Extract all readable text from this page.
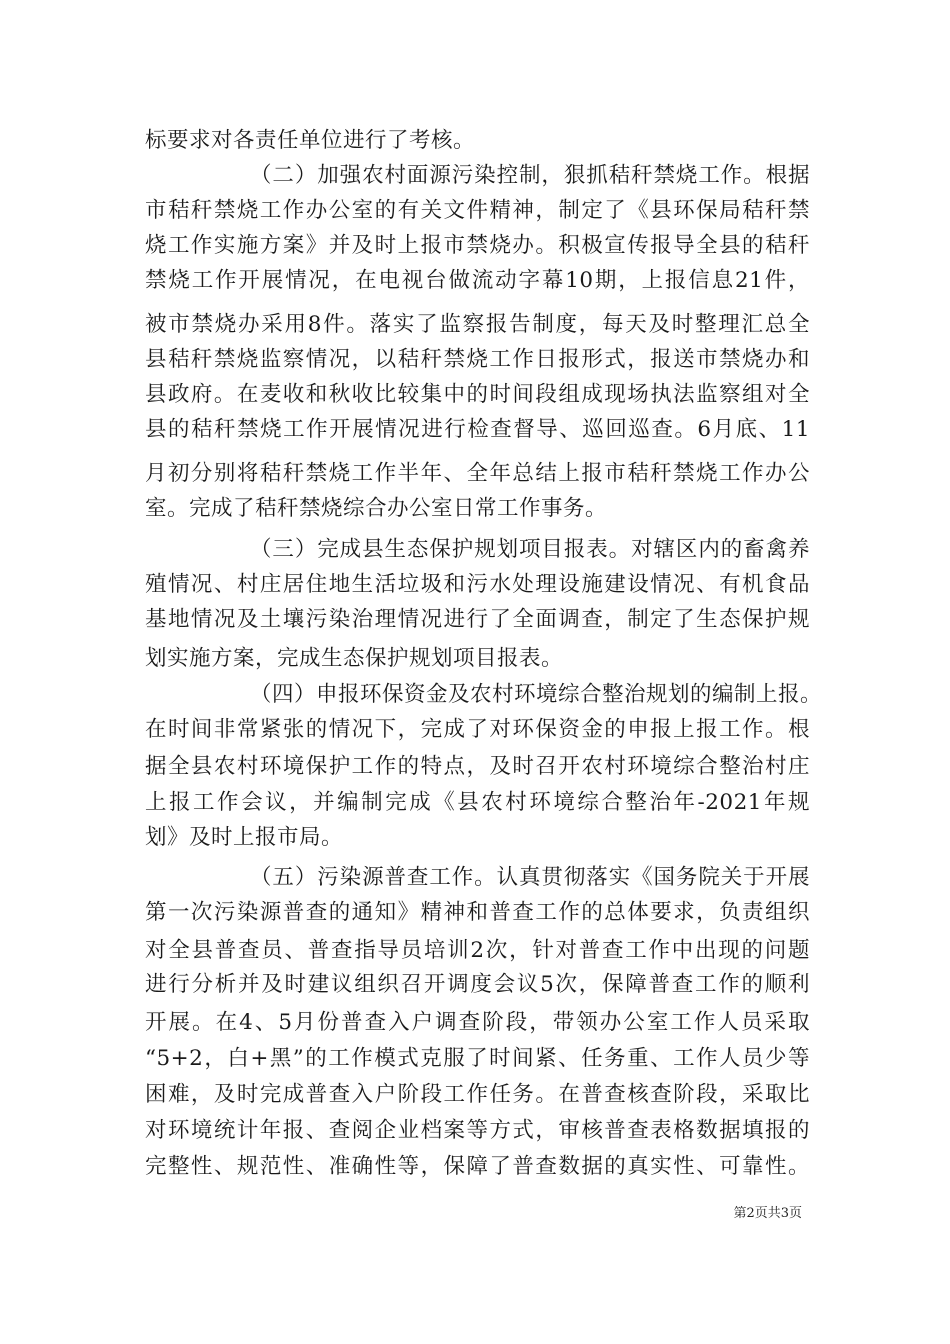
标要求对各责任单位进行了考核。
（二）加强农村面源污染控制，狠抓秸秆禁烧工作。根据
市秸秆禁烧工作办公室的有关文件精神，制定了《县环保局秸秆禁
烧工作实施方案》并及时上报市禁烧办。积极宣传报导全县的秸秆
禁烧工作开展情况，在电视台做流动字幕10期，上报信息21件，
被市禁烧办采用8件。落实了监察报告制度，每天及时整理汇总全
县秸秆禁烧监察情况，以秸秆禁烧工作日报形式，报送市禁烧办和
县政府。在麦收和秋收比较集中的时间段组成现场执法监察组对全
县的秸秆禁烧工作开展情况进行检查督导、巡回巡查。6月底、11
月初分别将秸秆禁烧工作半年、全年总结上报市秸秆禁烧工作办公
室。完成了秸秆禁烧综合办公室日常工作事务。
（三）完成县生态保护规划项目报表。对辖区内的畜禽养
殖情况、村庄居住地生活垃圾和污水处理设施建设情况、有机食品
基地情况及土壤污染治理情况进行了全面调查，制定了生态保护规
划实施方案，完成生态保护规划项目报表。
（四）申报环保资金及农村环境综合整治规划的编制上报。
在时间非常紧张的情况下，完成了对环保资金的申报上报工作。根
据全县农村环境保护工作的特点，及时召开农村环境综合整治村庄
上报工作会议，并编制完成《县农村环境综合整治年-2021年规
划》及时上报市局。
（五）污染源普查工作。认真贯彻落实《国务院关于开展
第一次污染源普查的通知》精神和普查工作的总体要求，负责组织
对全县普查员、普查指导员培训2次，针对普查工作中出现的问题
进行分析并及时建议组织召开调度会议5次，保障普查工作的顺利
开展。在4、5月份普查入户调查阶段，带领办公室工作人员采取
“5+2，白+黑”的工作模式克服了时间紧、任务重、工作人员少等
困难，及时完成普查入户阶段工作任务。在普查核查阶段，采取比
对环境统计年报、查阅企业档案等方式，审核普查表格数据填报的
完整性、规范性、准确性等，保障了普查数据的真实性、可靠性。
第2页共3页
